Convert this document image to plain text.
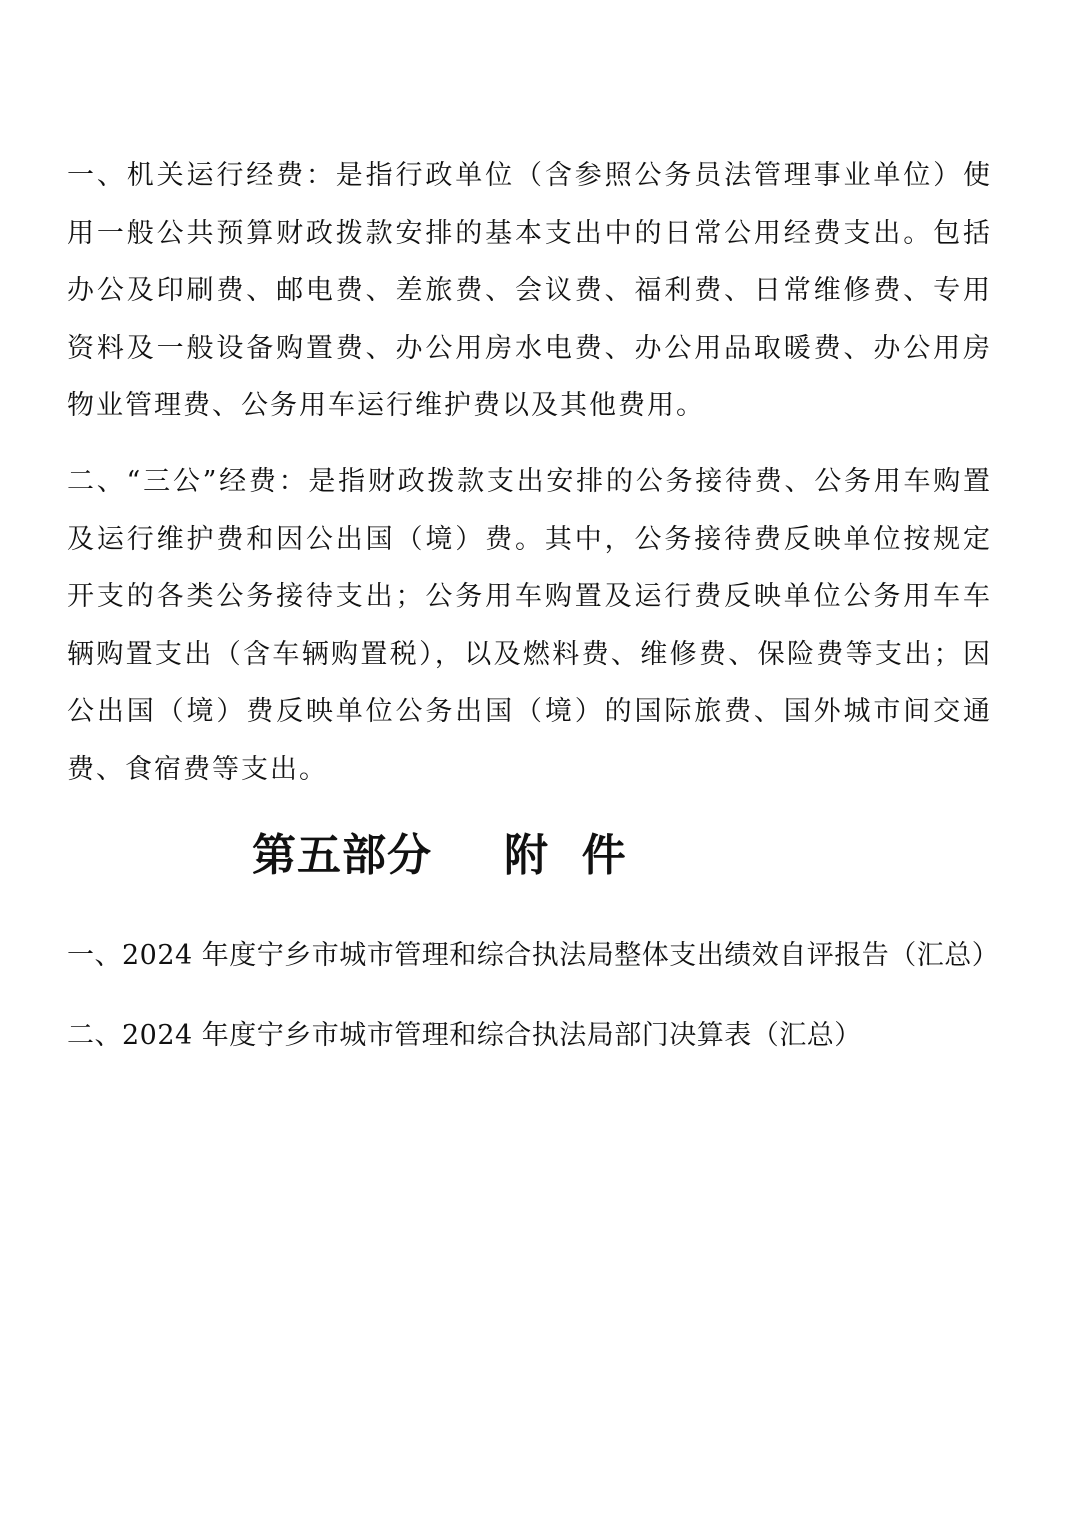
一、机关运行经费：是指行政单位（含参照公务员法管理事业单位）使用一般公共预算财政拨款安排的基本支出中的日常公用经费支出。包括办公及印刷费、邮电费、差旅费、会议费、福利费、日常维修费、专用资料及一般设备购置费、办公用房水电费、办公用品取暖费、办公用房物业管理费、公务用车运行维护费以及其他费用。

二、“三公”经费：是指财政拨款支出安排的公务接待费、公务用车购置及运行维护费和因公出国（境）费。其中，公务接待费反映单位按规定开支的各类公务接待支出；公务用车购置及运行费反映单位公务用车车辆购置支出（含车辆购置税），以及燃料费、维修费、保险费等支出；因公出国（境）费反映单位公务出国（境）的国际旅费、国外城市间交通费、食宿费等支出。

第五部分 附  件

一、2024 年度宁乡市城市管理和综合执法局整体支出绩效自评报告（汇总）

二、2024 年度宁乡市城市管理和综合执法局部门决算表（汇总）
